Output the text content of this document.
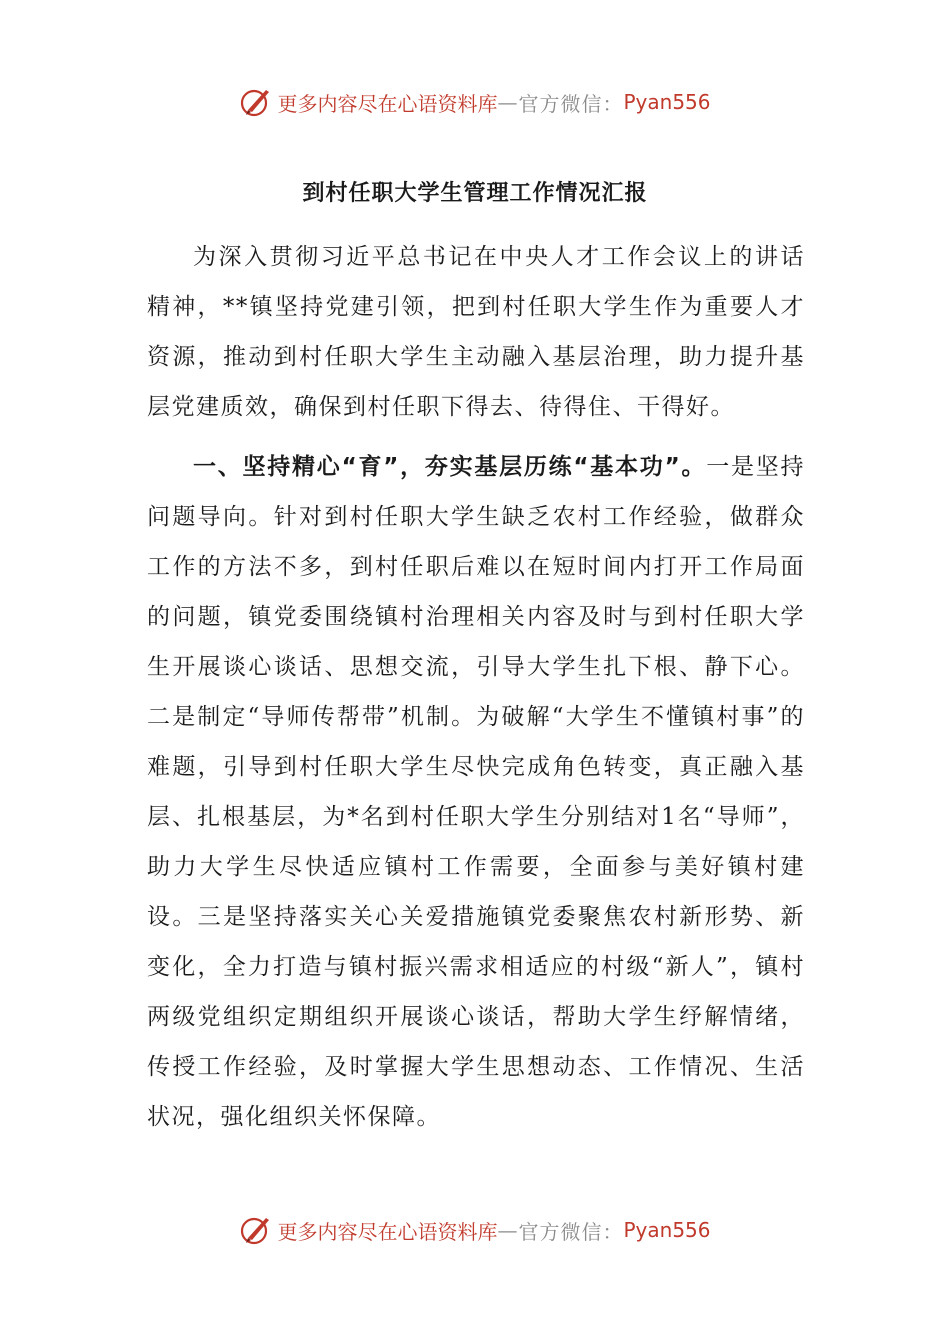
更多内容尽在心语资料库 — 官方微信： Pyan556
到村任职大学生管理工作情况汇报

为深入贯彻习近平总书记在中央人才工作会议上的讲话精神，**镇坚持党建引领，把到村任职大学生作为重要人才资源，推动到村任职大学生主动融入基层治理，助力提升基层党建质效，确保到村任职下得去、待得住、干得好。

一、坚持精心“育”，夯实基层历练“基本功”。一是坚持问题导向。针对到村任职大学生缺乏农村工作经验，做群众工作的方法不多，到村任职后难以在短时间内打开工作局面的问题，镇党委围绕镇村治理相关内容及时与到村任职大学生开展谈心谈话、思想交流，引导大学生扎下根、静下心。二是制定“导师传帮带”机制。为破解“大学生不懂镇村事”的难题，引导到村任职大学生尽快完成角色转变，真正融入基层、扎根基层，为*名到村任职大学生分别结对1名“导师”，助力大学生尽快适应镇村工作需要，全面参与美好镇村建设。三是坚持落实关心关爱措施镇党委聚焦农村新形势、新变化，全力打造与镇村振兴需求相适应的村级“新人”，镇村两级党组织定期组织开展谈心谈话，帮助大学生纾解情绪，传授工作经验，及时掌握大学生思想动态、工作情况、生活状况，强化组织关怀保障。

更多内容尽在心语资料库 — 官方微信： Pyan556
